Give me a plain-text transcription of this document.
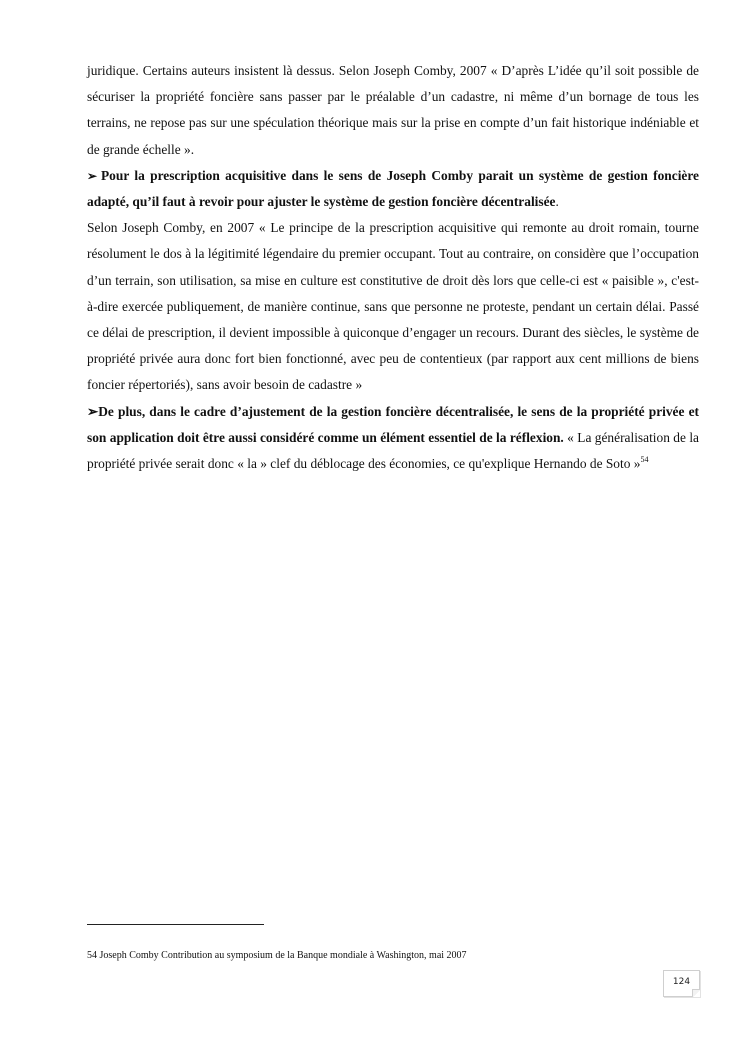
juridique. Certains auteurs insistent là dessus. Selon Joseph Comby, 2007 « D’après L’idée qu’il soit possible de sécuriser la propriété foncière sans passer par le préalable d’un cadastre, ni même d’un bornage de tous les terrains, ne repose pas sur une spéculation théorique mais sur la prise en compte d’un fait historique indéniable et de grande échelle ».

➢ Pour la prescription acquisitive dans le sens de Joseph Comby parait un système de gestion foncière adapté, qu’il faut à revoir pour ajuster le système de gestion foncière décentralisée.

Selon Joseph Comby, en 2007 « Le principe de la prescription acquisitive qui remonte au droit romain, tourne résolument le dos à la légitimité légendaire du premier occupant. Tout au contraire, on considère que l’occupation d’un terrain, son utilisation, sa mise en culture est constitutive de droit dès lors que celle-ci est « paisible », c'est-à-dire exercée publiquement, de manière continue, sans que personne ne proteste, pendant un certain délai. Passé ce délai de prescription, il devient impossible à quiconque d’engager un recours. Durant des siècles, le système de propriété privée aura donc fort bien fonctionné, avec peu de contentieux (par rapport aux cent millions de biens foncier répertoriés), sans avoir besoin de cadastre »

➢De plus, dans le cadre d’ajustement de la gestion foncière décentralisée, le sens de la propriété privée et son application doit être aussi considéré comme un élément essentiel de la réflexion. « La généralisation de la propriété privée serait donc « la » clef du déblocage des économies, ce qu'explique Hernando de Soto »$^{54}$

54 Joseph Comby Contribution au symposium de la Banque mondiale à Washington, mai 2007
124
